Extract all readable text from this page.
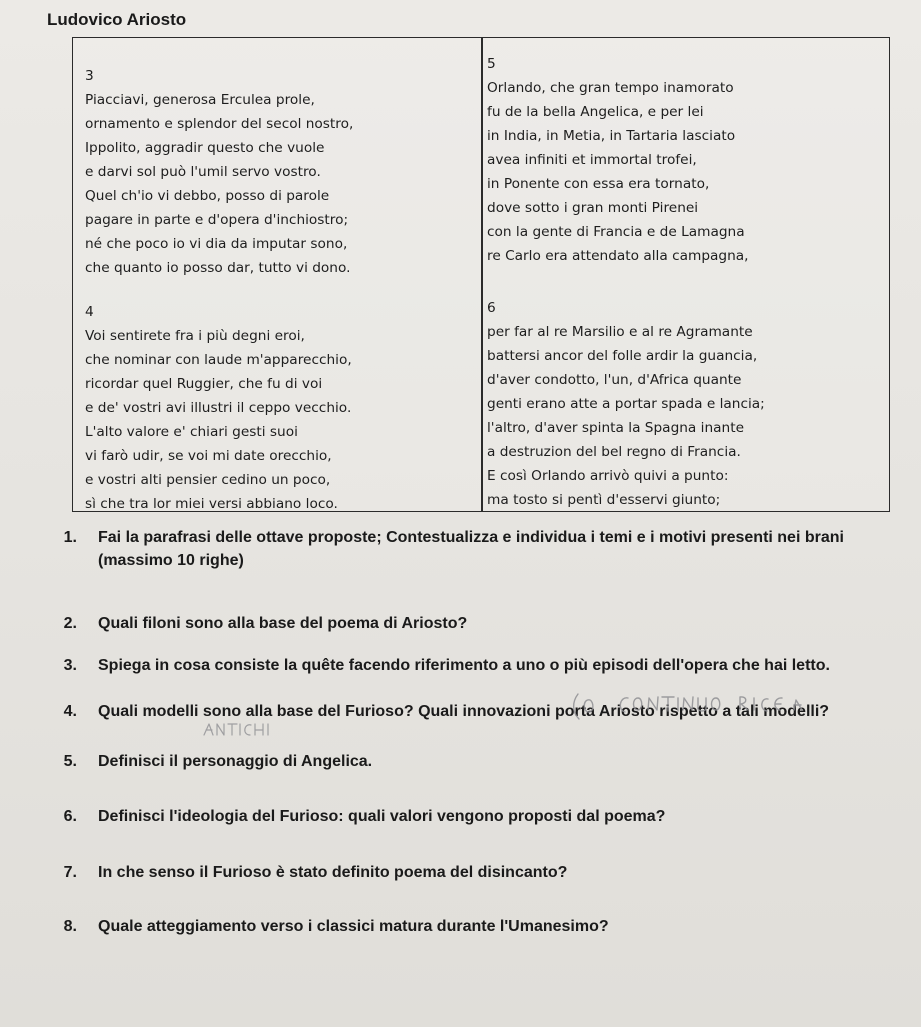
Ludovico Ariosto
3
Piacciavi, generosa Erculea prole,
ornamento e splendor del secol nostro,
Ippolito, aggradir questo che vuole
e darvi sol può l'umil servo vostro.
Quel ch'io vi debbo, posso di parole
pagare in parte e d'opera d'inchiostro;
né che poco io vi dia da imputar sono,
che quanto io posso dar, tutto vi dono.
4
Voi sentirete fra i più degni eroi,
che nominar con laude m'apparecchio,
ricordar quel Ruggier, che fu di voi
e de' vostri avi illustri il ceppo vecchio.
L'alto valore e' chiari gesti suoi
vi farò udir, se voi mi date orecchio,
e vostri alti pensier cedino un poco,
sì che tra lor miei versi abbiano loco.
5
Orlando, che gran tempo inamorato
fu de la bella Angelica, e per lei
in India, in Metia, in Tartaria lasciato
avea infiniti et immortal trofei,
in Ponente con essa era tornato,
dove sotto i gran monti Pirenei
con la gente di Francia e de Lamagna
re Carlo era attendato alla campagna,
6
per far al re Marsilio e al re Agramante
battersi ancor del folle ardir la guancia,
d'aver condotto, l'un, d'Africa quante
genti erano atte a portar spada e lancia;
l'altro, d'aver spinta la Spagna inante
a destruzion del bel regno di Francia.
E così Orlando arrivò quivi a punto:
ma tosto si pentì d'esservi giunto;
1.	Fai la parafrasi delle ottave proposte; Contestualizza e individua i temi e i motivi presenti nei brani (massimo 10 righe)
2.	Quali filoni sono alla base del poema di Ariosto?
3.	Spiega in cosa consiste la quête facendo riferimento a uno o più episodi dell'opera che hai letto.
4.	Quali modelli sono alla base del Furioso? Quali innovazioni porta Ariosto rispetto a tali modelli?
5.	Definisci il personaggio di Angelica.
6.	Definisci l'ideologia del Furioso: quali valori vengono proposti dal poema?
7.	In che senso il Furioso è stato definito poema del disincanto?
8.	Quale atteggiamento verso i classici matura durante l'Umanesimo?
